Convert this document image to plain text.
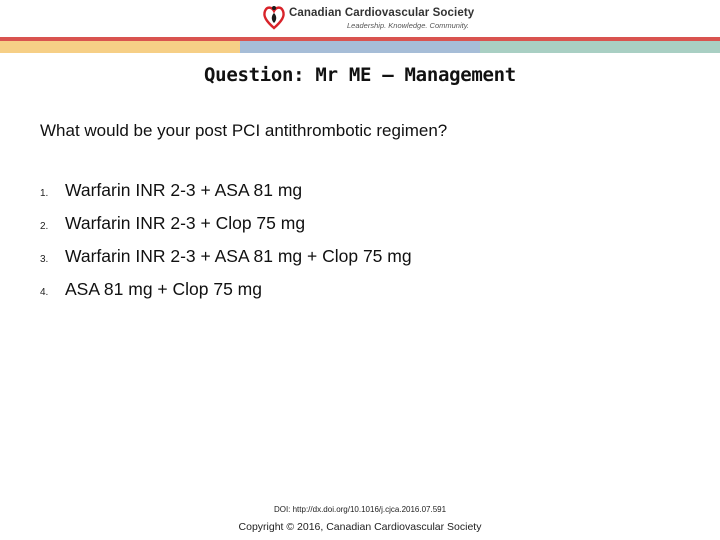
Canadian Cardiovascular Society
Leadership. Knowledge. Community.
Question: Mr ME – Management
What would be your post PCI antithrombotic regimen?
1. Warfarin INR 2-3 + ASA 81 mg
2. Warfarin INR 2-3 + Clop 75 mg
3. Warfarin INR 2-3 + ASA 81 mg + Clop 75 mg
4. ASA 81 mg + Clop 75 mg
DOI: http://dx.doi.org/10.1016/j.cjca.2016.07.591
Copyright © 2016, Canadian Cardiovascular Society
